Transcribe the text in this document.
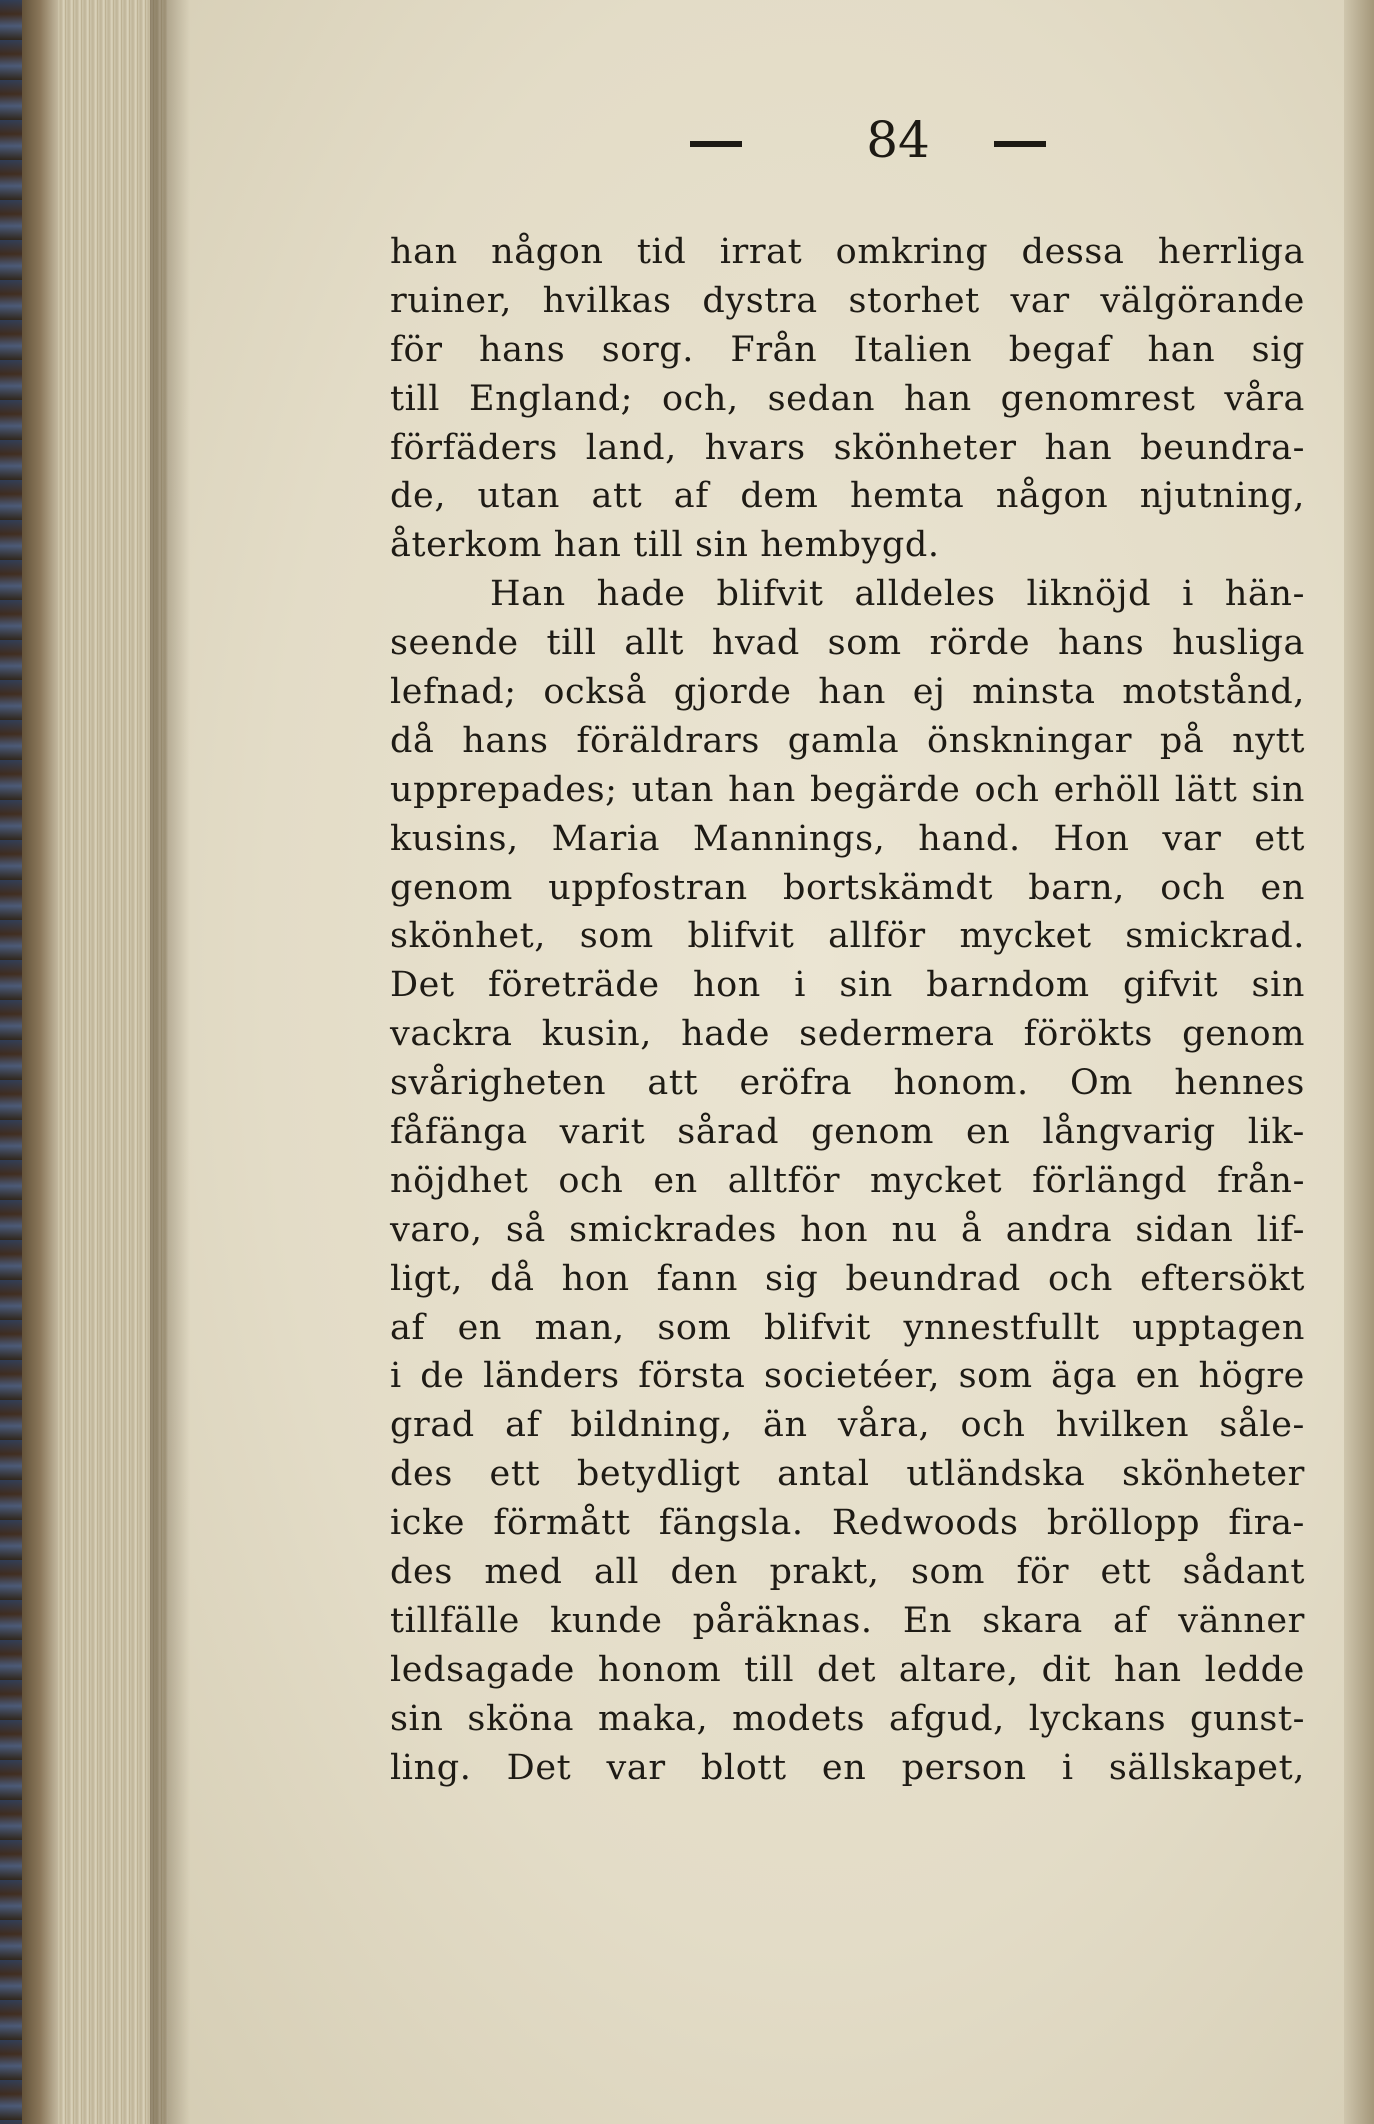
84
han någon tid irrat omkring dessa herrliga
ruiner, hvilkas dystra storhet var välgörande
för hans sorg. Från Italien begaf han sig
till England; och, sedan han genomrest våra
förfäders land, hvars skönheter han beundra-
de, utan att af dem hemta någon njutning,
återkom han till sin hembygd.
Han hade blifvit alldeles liknöjd i hän-
seende till allt hvad som rörde hans husliga
lefnad; också gjorde han ej minsta motstånd,
då hans föräldrars gamla önskningar på nytt
upprepades; utan han begärde och erhöll lätt sin
kusins, Maria Mannings, hand. Hon var ett
genom uppfostran bortskämdt barn, och en
skönhet, som blifvit allför mycket smickrad.
Det företräde hon i sin barndom gifvit sin
vackra kusin, hade sedermera förökts genom
svårigheten att eröfra honom. Om hennes
fåfänga varit sårad genom en långvarig lik-
nöjdhet och en alltför mycket förlängd från-
varo, så smickrades hon nu å andra sidan lif-
ligt, då hon fann sig beundrad och eftersökt
af en man, som blifvit ynnestfullt upptagen
i de länders första societéer, som äga en högre
grad af bildning, än våra, och hvilken såle-
des ett betydligt antal utländska skönheter
icke förmått fängsla. Redwoods bröllopp fira-
des med all den prakt, som för ett sådant
tillfälle kunde påräknas. En skara af vänner
ledsagade honom till det altare, dit han ledde
sin sköna maka, modets afgud, lyckans gunst-
ling. Det var blott en person i sällskapet,
